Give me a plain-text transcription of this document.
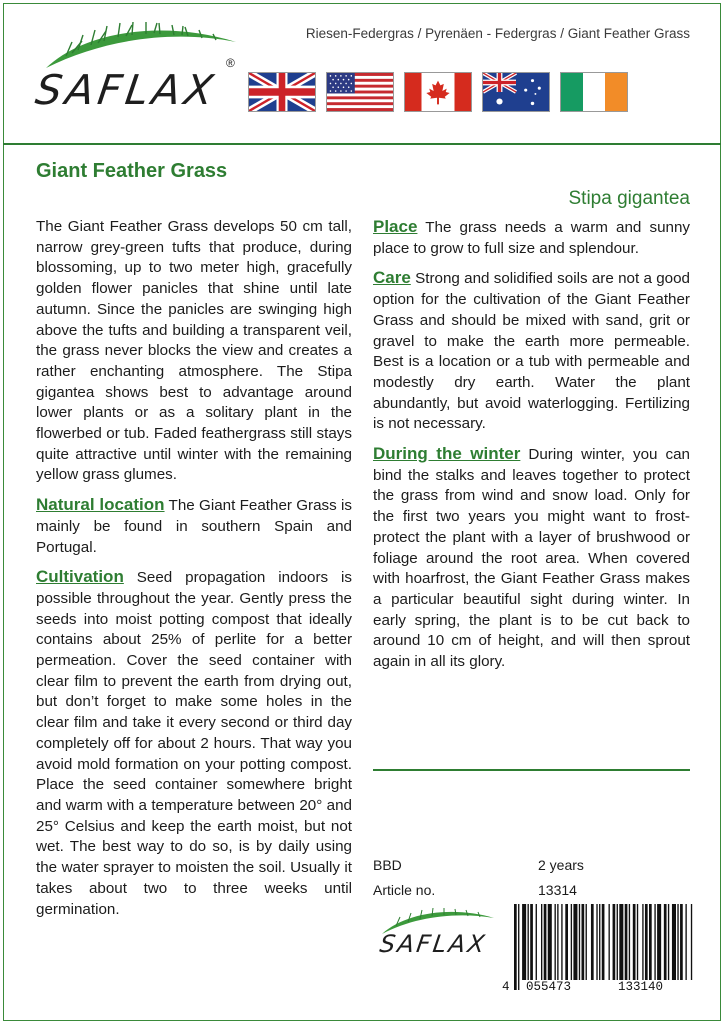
SAFLAX
®
Riesen-Federgras / Pyrenäen - Federgras / Giant Feather Grass
Giant Feather Grass
Stipa gigantea

The Giant Feather Grass develops 50 cm tall, narrow grey-green tufts that produce, during blossoming, up to two meter high, gracefully golden flower panicles that shine until late autumn. Since the panicles are swinging high above the tufts and building a transparent veil, the grass never blocks the view and creates a rather enchanting atmosphere. The Stipa gigantea shows best to advantage around lower plants or as a solitary plant in the flowerbed or tub. Faded feathergrass still stays quite attractive until winter with the remaining yellow grass glumes.

Natural location The Giant Feather Grass is mainly be found in southern Spain and Portugal.

Cultivation Seed propagation indoors is possible throughout the year. Gently press the seeds into moist potting compost that ideally contains about 25% of perlite for a better permeation. Cover the seed container with clear film to prevent the earth from drying out, but don’t forget to make some holes in the clear film and take it every second or third day completely off for about 2 hours. That way you avoid mold formation on your potting compost. Place the seed container somewhere bright and warm with a temperature between 20° and 25° Celsius and keep the earth moist, but not wet. The best way to do so, is by daily using the water sprayer to moisten the soil. Usually it takes about two to three weeks until germination.

Place The grass needs a warm and sunny place to grow to full size and splendour.

Care Strong and solidified soils are not a good option for the cultivation of the Giant Feather Grass and should be mixed with sand, grit or gravel to make the earth more permeable. Best is a location or a tub with permeable and modestly dry earth. Water the plant abundantly, but avoid waterlogging. Fertilizing is not necessary.

During the winter During winter, you can bind the stalks and leaves together to protect the grass from wind and snow load. Only for the first two years you might want to frost-protect the plant with a layer of brushwood or foliage around the root area. When covered with hoarfrost, the Giant Feather Grass makes a particular beautiful sight during winter. In early spring, the plant is to be cut back to around 10 cm of height, and will then sprout again in all its glory.

BBD	2 years
Article no.	13314
SAFLAX
4 055473	133140
